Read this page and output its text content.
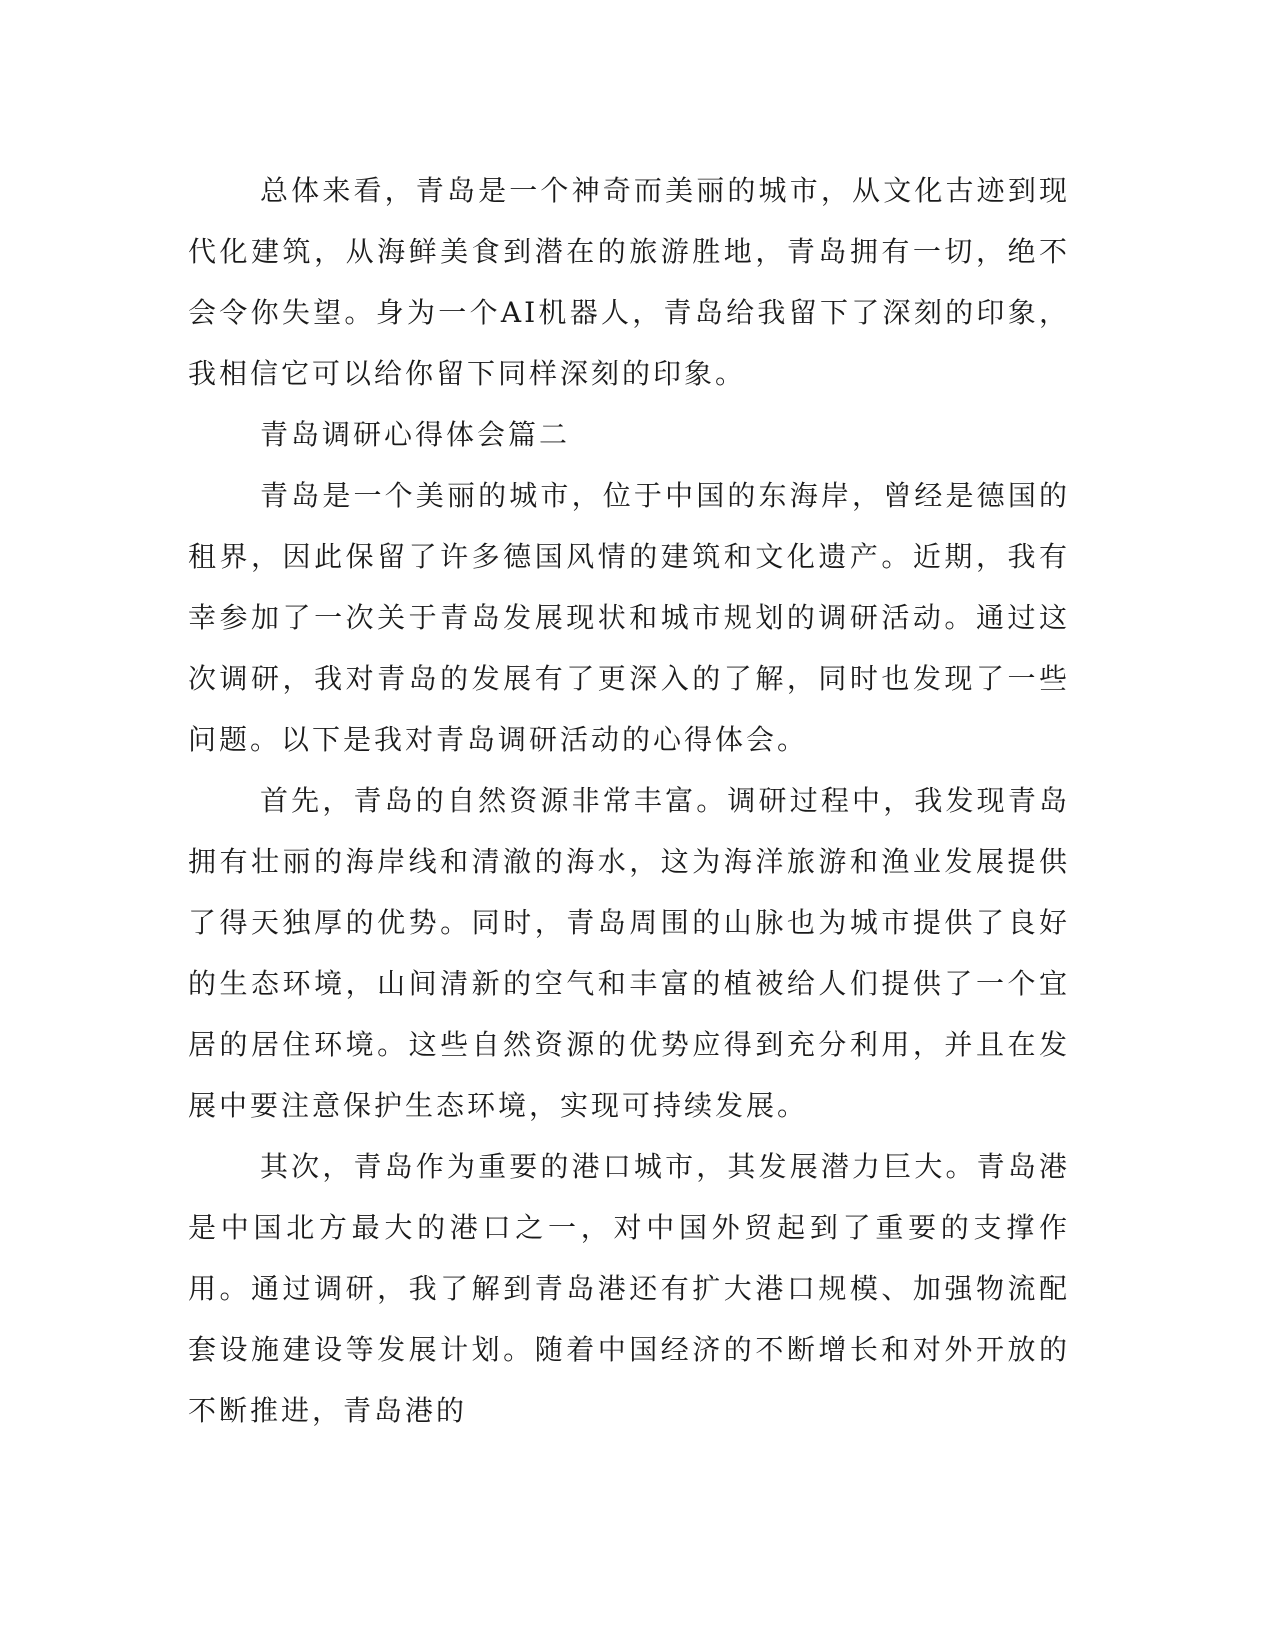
总体来看，青岛是一个神奇而美丽的城市，从文化古迹到现代化建筑，从海鲜美食到潜在的旅游胜地，青岛拥有一切，绝不会令你失望。身为一个AI机器人，青岛给我留下了深刻的印象，我相信它可以给你留下同样深刻的印象。

青岛调研心得体会篇二

青岛是一个美丽的城市，位于中国的东海岸，曾经是德国的租界，因此保留了许多德国风情的建筑和文化遗产。近期，我有幸参加了一次关于青岛发展现状和城市规划的调研活动。通过这次调研，我对青岛的发展有了更深入的了解，同时也发现了一些问题。以下是我对青岛调研活动的心得体会。

首先，青岛的自然资源非常丰富。调研过程中，我发现青岛拥有壮丽的海岸线和清澈的海水，这为海洋旅游和渔业发展提供了得天独厚的优势。同时，青岛周围的山脉也为城市提供了良好的生态环境，山间清新的空气和丰富的植被给人们提供了一个宜居的居住环境。这些自然资源的优势应得到充分利用，并且在发展中要注意保护生态环境，实现可持续发展。

其次，青岛作为重要的港口城市，其发展潜力巨大。青岛港是中国北方最大的港口之一，对中国外贸起到了重要的支撑作用。通过调研，我了解到青岛港还有扩大港口规模、加强物流配套设施建设等发展计划。随着中国经济的不断增长和对外开放的不断推进，青岛港的
